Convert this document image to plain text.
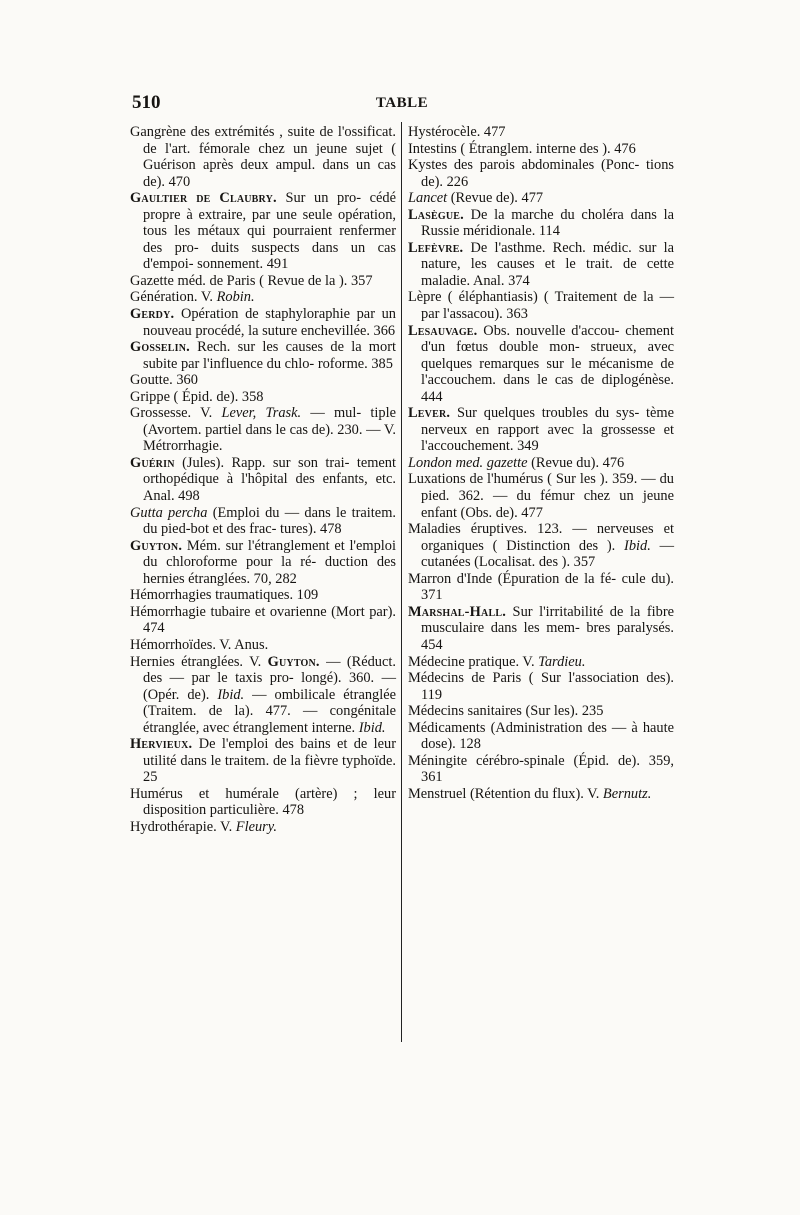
510	TABLE
Gangrène des extrémités , suite de l'ossificat. de l'art. fémorale chez un jeune sujet ( Guérison après deux ampul. dans un cas de). 470
Gaultier de Claubry. Sur un pro- cédé propre à extraire, par une seule opération, tous les métaux qui pourraient renfermer des pro- duits suspects dans un cas d'empoi- sonnement. 491
Gazette méd. de Paris ( Revue de la ). 357
Génération. V. Robin.
Gerdy. Opération de staphyloraphie par un nouveau procédé, la suture enchevillée. 366
Gosselin. Rech. sur les causes de la mort subite par l'influence du chlo- roforme. 385
Goutte. 360
Grippe ( Épid. de). 358
Grossesse. V. Lever, Trask. — mul- tiple (Avortem. partiel dans le cas de). 230. — V. Métrorrhagie.
Guérin (Jules). Rapp. sur son trai- tement orthopédique à l'hôpital des enfants, etc. Anal. 498
Gutta percha (Emploi du — dans le traitem. du pied-bot et des frac- tures). 478
Guyton. Mém. sur l'étranglement et l'emploi du chloroforme pour la ré- duction des hernies étranglées. 70, 282
Hémorrhagies traumatiques. 109
Hémorrhagie tubaire et ovarienne (Mort par). 474
Hémorrhoïdes. V. Anus.
Hernies étranglées. V. Guyton. — (Réduct. des — par le taxis pro- longé). 360. — (Opér. de). Ibid. — ombilicale étranglée (Traitem. de la). 477. — congénitale étranglée, avec étranglement interne. Ibid.
Hervieux. De l'emploi des bains et de leur utilité dans le traitem. de la fièvre typhoïde. 25
Humérus et humérale (artère) ; leur disposition particulière. 478
Hydrothérapie. V. Fleury.
Hystérocèle. 477
Intestins ( Étranglem. interne des ). 476
Kystes des parois abdominales (Ponc- tions de). 226
Lancet (Revue de). 477
Lasègue. De la marche du choléra dans la Russie méridionale. 114
Lefèvre. De l'asthme. Rech. médic. sur la nature, les causes et le trait. de cette maladie. Anal. 374
Lèpre ( éléphantiasis) ( Traitement de la — par l'assacou). 363
Lesauvage. Obs. nouvelle d'accou- chement d'un fœtus double mon- strueux, avec quelques remarques sur le mécanisme de l'accouchem. dans le cas de diplogénèse. 444
Lever. Sur quelques troubles du sys- tème nerveux en rapport avec la grossesse et l'accouchement. 349
London med. gazette (Revue du). 476
Luxations de l'humérus ( Sur les ). 359. — du pied. 362. — du fémur chez un jeune enfant (Obs. de). 477
Maladies éruptives. 123. — nerveuses et organiques ( Distinction des ). Ibid. — cutanées (Localisat. des ). 357
Marron d'Inde (Épuration de la fé- cule du). 371
Marshal-Hall. Sur l'irritabilité de la fibre musculaire dans les mem- bres paralysés. 454
Médecine pratique. V. Tardieu.
Médecins de Paris ( Sur l'association des). 119
Médecins sanitaires (Sur les). 235
Médicaments (Administration des — à haute dose). 128
Méningite cérébro-spinale (Épid. de). 359, 361
Menstruel (Rétention du flux). V. Bernutz.
